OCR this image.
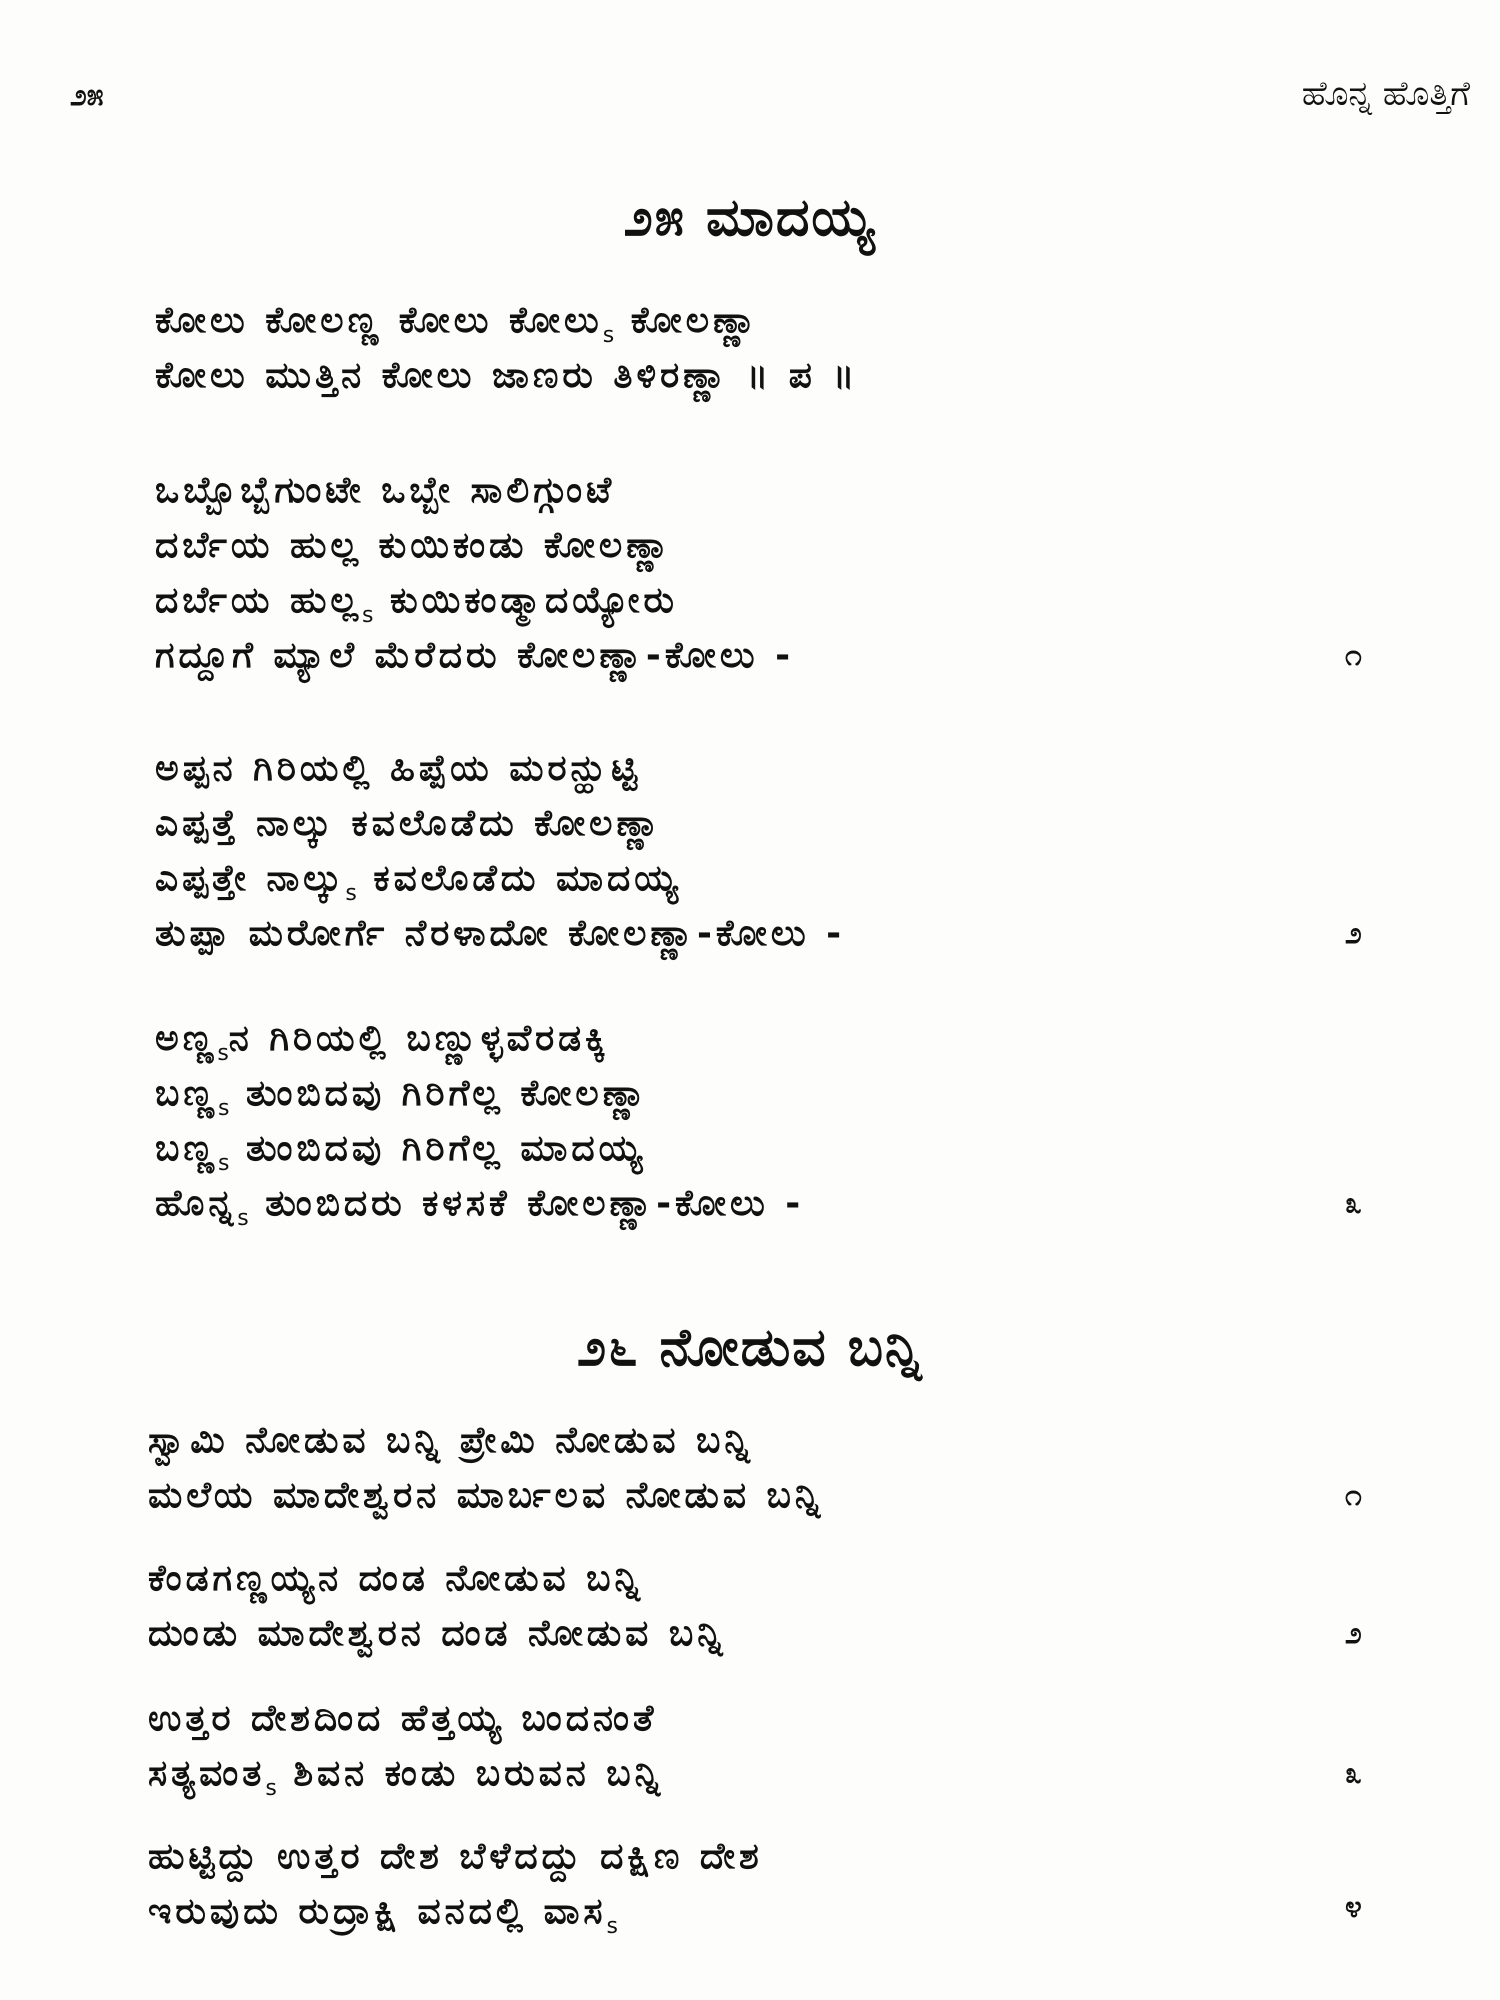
೨೫	ಹೊನ್ನ ಹೊತ್ತಿಗೆ
೨೫ ಮಾದಯ್ಯ
ಕೋಲು ಕೋಲಣ್ಣ ಕೋಲು $ಕೋಲು_s$ ಕೋಲಣ್ಣಾ
ಕೋಲು ಮುತ್ತಿನ ಕೋಲು ಜಾಣರು ತಿಳಿರಣ್ಣಾ ॥ ಪ ॥
ಒಬ್ಬೊಬ್ಬೆಗುಂಟೇ ಒಬ್ಬೇ ಸಾಲಿಗ್ಗುಂಟೆ
ದರ್ಬೆಯ ಹುಲ್ಲ ಕುಯಿಕಂಡು ಕೋಲಣ್ಣಾ
ದರ್ಬೆಯ ಹುಲ್ಲ$_s$ ಕುಯಿಕಂಡ್ಮಾದಯ್ಯೋರು
ಗದ್ದೂಗೆ ಮ್ಯಾಲೆ ಮೆರೆದರು ಕೋಲಣ್ಣಾ-ಕೋಲು -	೧
ಅಪ್ಪನ ಗಿರಿಯಲ್ಲಿ ಹಿಪ್ಪೆಯ ಮರನ್ಹುಟ್ಟಿ
ಎಪ್ಪತ್ತೆ ನಾಲ್ಕು ಕವಲೊಡೆದು ಕೋಲಣ್ಣಾ
ಎಪ್ಪತ್ತೇ $ನಾಲ್ಕು_s$ ಕವಲೊಡೆದು ಮಾದಯ್ಯ
ತುಪ್ಪಾ ಮರೋರ್ಗೆ ನೆರಳಾದೋ ಕೋಲಣ್ಣಾ-ಕೋಲು -	೨
ಅಣ್ಣ$_s$ನ ಗಿರಿಯಲ್ಲಿ ಬಣ್ಣುಳ್ಳವೆರಡಕ್ಕಿ
ಬಣ್ಣ$_s$ ತುಂಬಿದವು ಗಿರಿಗೆಲ್ಲ ಕೋಲಣ್ಣಾ
ಬಣ್ಣ$_s$ ತುಂಬಿದವು ಗಿರಿಗೆಲ್ಲ ಮಾದಯ್ಯ
ಹೊನ್ನ$_s$ ತುಂಬಿದರು ಕಳಸಕೆ ಕೋಲಣ್ಣಾ-ಕೋಲು -	೩
೨೬ ನೋಡುವ ಬನ್ನಿ
ಸ್ವಾಮಿ ನೋಡುವ ಬನ್ನಿ ಪ್ರೇಮಿ ನೋಡುವ ಬನ್ನಿ
ಮಲೆಯ ಮಾದೇಶ್ವರನ ಮಾರ್ಬಲವ ನೋಡುವ ಬನ್ನಿ	೧
ಕೆಂಡಗಣ್ಣಯ್ಯನ ದಂಡ ನೋಡುವ ಬನ್ನಿ
ದುಂಡು ಮಾದೇಶ್ವರನ ದಂಡ ನೋಡುವ ಬನ್ನಿ	೨
ಉತ್ತರ ದೇಶದಿಂದ ಹೆತ್ತಯ್ಯ ಬಂದನಂತೆ
ಸತ್ಯವಂತ$_s$ ಶಿವನ ಕಂಡು ಬರುವನ ಬನ್ನಿ	೩
ಹುಟ್ಟಿದ್ದು ಉತ್ತರ ದೇಶ ಬೆಳೆದದ್ದು ದಕ್ಷಿಣ ದೇಶ
ಇರುವುದು ರುದ್ರಾಕ್ಷಿ ವನದಲ್ಲಿ ವಾಸ$_s$
೪
